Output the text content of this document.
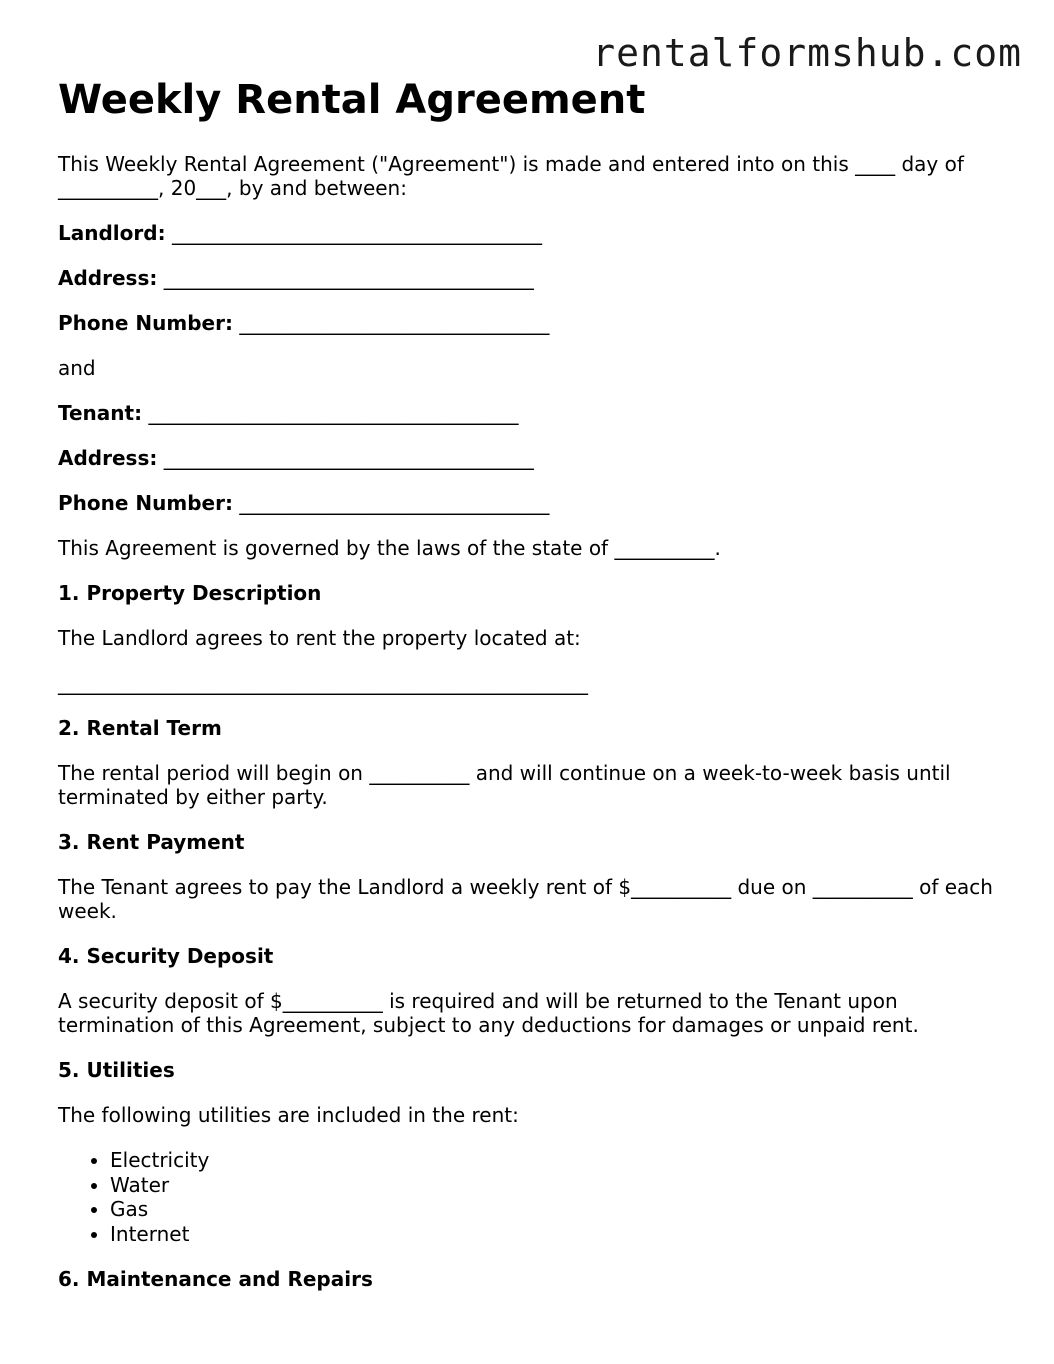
rentalformshub.com
Weekly Rental Agreement

This Weekly Rental Agreement ("Agreement") is made and entered into on this ____ day of __________, 20___, by and between:

Landlord: _____________________________________

Address: _____________________________________

Phone Number: _______________________________

and

Tenant: _____________________________________

Address: _____________________________________

Phone Number: _______________________________

This Agreement is governed by the laws of the state of __________.

1. Property Description

The Landlord agrees to rent the property located at:

_____________________________________________________
2. Rental Term

The rental period will begin on __________ and will continue on a week-to-week basis until terminated by either party.

3. Rent Payment

The Tenant agrees to pay the Landlord a weekly rent of $__________ due on __________ of each week.

4. Security Deposit

A security deposit of $__________ is required and will be returned to the Tenant upon termination of this Agreement, subject to any deductions for damages or unpaid rent.

5. Utilities

The following utilities are included in the rent:

• Electricity
• Water
• Gas
• Internet
6. Maintenance and Repairs
